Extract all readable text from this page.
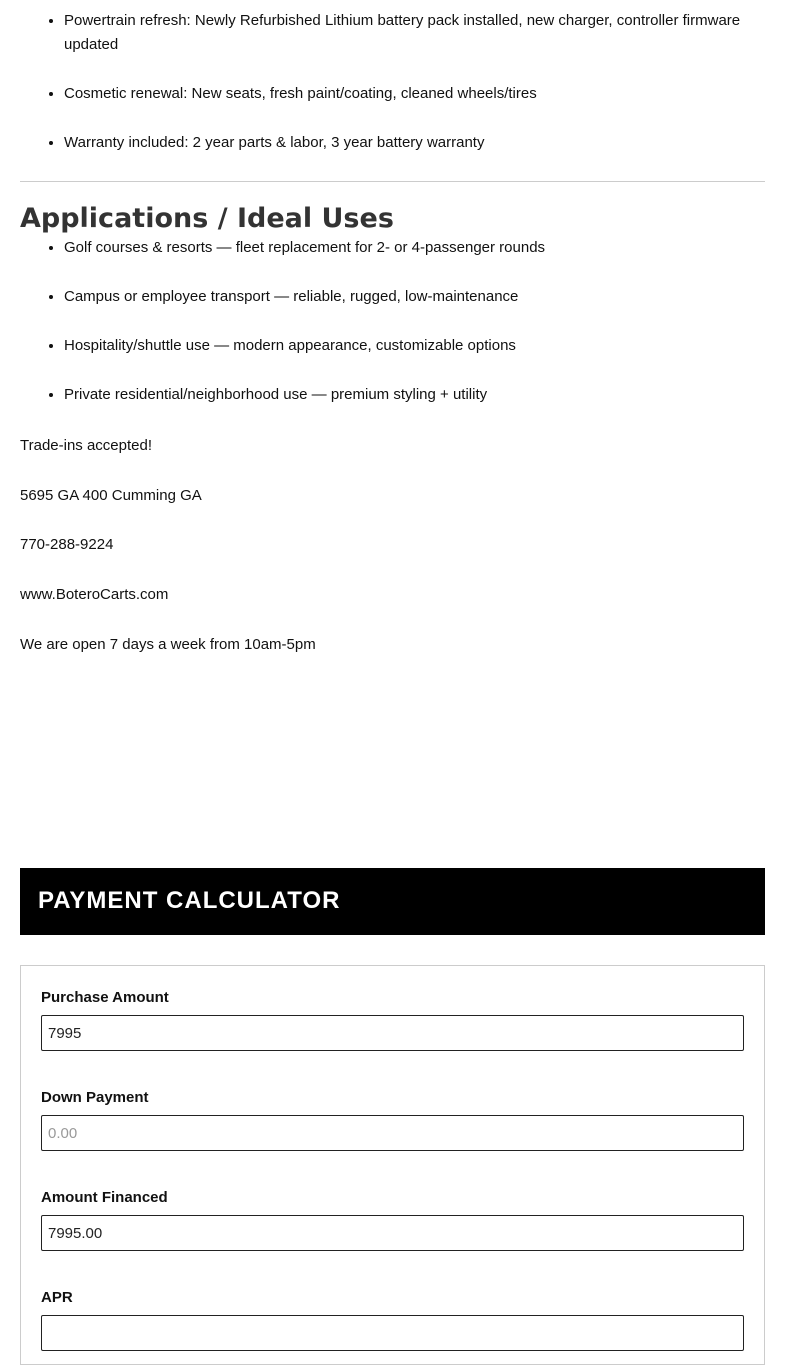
• Powertrain refresh: Newly Refurbished Lithium battery pack installed, new charger, controller firmware updated
• Cosmetic renewal: New seats, fresh paint/coating, cleaned wheels/tires
• Warranty included: 2 year parts & labor, 3 year battery warranty
Applications / Ideal Uses
• Golf courses & resorts — fleet replacement for 2- or 4-passenger rounds
• Campus or employee transport — reliable, rugged, low-maintenance
• Hospitality/shuttle use — modern appearance, customizable options
• Private residential/neighborhood use — premium styling + utility
Trade-ins accepted!
5695 GA 400 Cumming GA
770-288-9224
www.BoteroCarts.com
We are open 7 days a week from 10am-5pm
PAYMENT CALCULATOR
Purchase Amount
7995
Down Payment
0.00
Amount Financed
7995.00
APR
